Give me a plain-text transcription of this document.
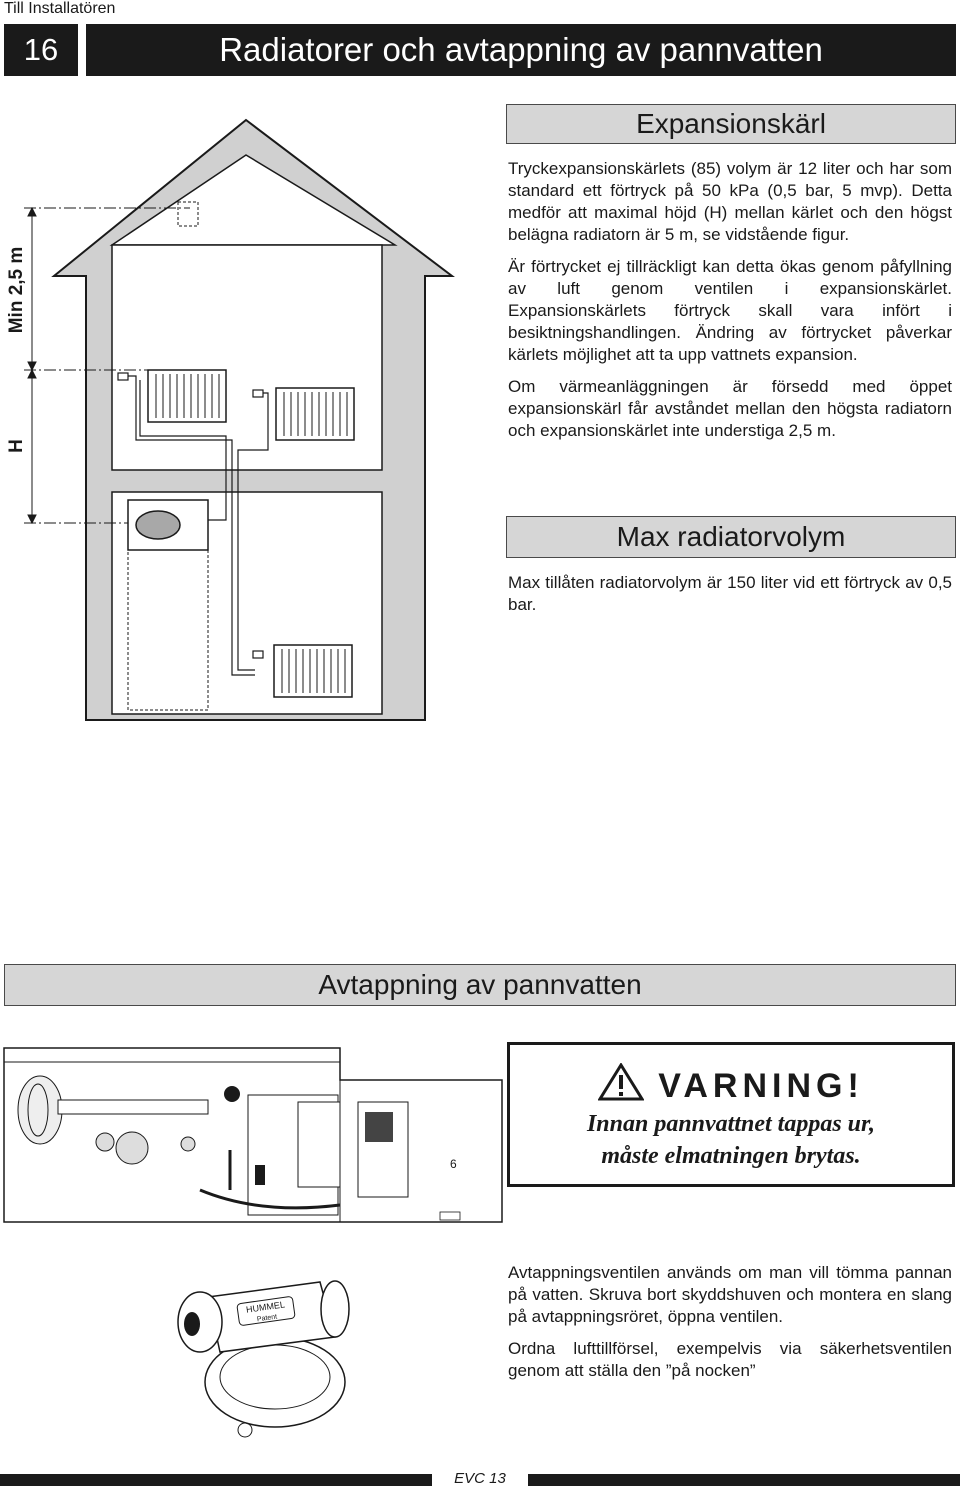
Till Installatören
16	Radiatorer och avtappning av pannvatten
Min 2,5 m
H
Expansionskärl

Tryckexpansionskärlets (85) volym är 12 liter och har som standard ett förtryck på 50 kPa (0,5 bar, 5 mvp). Detta medför att maximal höjd (H) mellan kärlet och den högst belägna radiatorn är 5 m, se vidstående figur.

Är förtrycket ej tillräckligt kan detta ökas genom påfyllning av luft genom ventilen i expansionskärlet. Expansionskärlets förtryck skall vara infört i besiktningshandlingen. Ändring av förtrycket påverkar kärlets möjlighet att ta upp vattnets expansion.

Om värmeanläggningen är försedd med öppet expansionskärl får avståndet mellan den högsta radiatorn och expansionskärlet inte understiga 2,5 m.

Max radiatorvolym

Max tillåten radiatorvolym är 150 liter vid ett förtryck av 0,5 bar.

Avtappning av pannvatten
6
VARNING!
Innan pannvattnet tappas ur,
måste elmatningen brytas.
HUMMEL
Patent

Avtappningsventilen används om man vill tömma pannan på vatten. Skruva bort skyddshuven och montera en slang på avtappningsröret, öppna ventilen.

Ordna lufttillförsel, exempelvis via säkerhetsventilen genom att ställa den ”på nocken”

EVC 13
